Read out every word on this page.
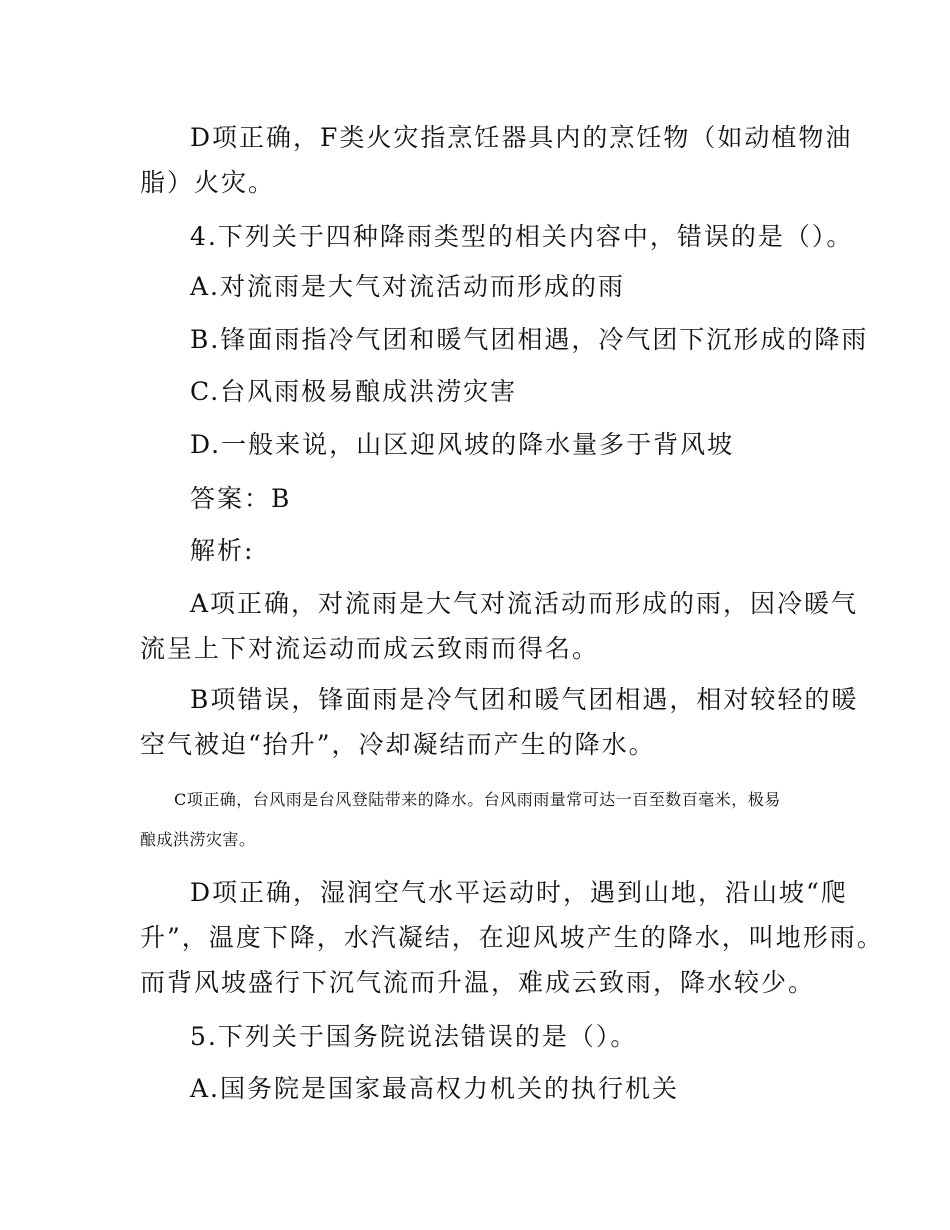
D项正确，F类火灾指烹饪器具内的烹饪物（如动植物油
脂）火灾。
4.下列关于四种降雨类型的相关内容中，错误的是（）。
A.对流雨是大气对流活动而形成的雨
B.锋面雨指冷气团和暖气团相遇，冷气团下沉形成的降雨
C.台风雨极易酿成洪涝灾害
D.一般来说，山区迎风坡的降水量多于背风坡
答案：B
解析:
A项正确，对流雨是大气对流活动而形成的雨，因冷暖气
流呈上下对流运动而成云致雨而得名。
B项错误，锋面雨是冷气团和暖气团相遇，相对较轻的暖
空气被迫“抬升”，冷却凝结而产生的降水。
C项正确，台风雨是台风登陆带来的降水。台风雨雨量常可达一百至数百毫米，极易
酿成洪涝灾害。
D项正确，湿润空气水平运动时，遇到山地，沿山坡“爬
升”，温度下降，水汽凝结，在迎风坡产生的降水，叫地形雨。
而背风坡盛行下沉气流而升温，难成云致雨，降水较少。
5.下列关于国务院说法错误的是（）。
A.国务院是国家最高权力机关的执行机关
